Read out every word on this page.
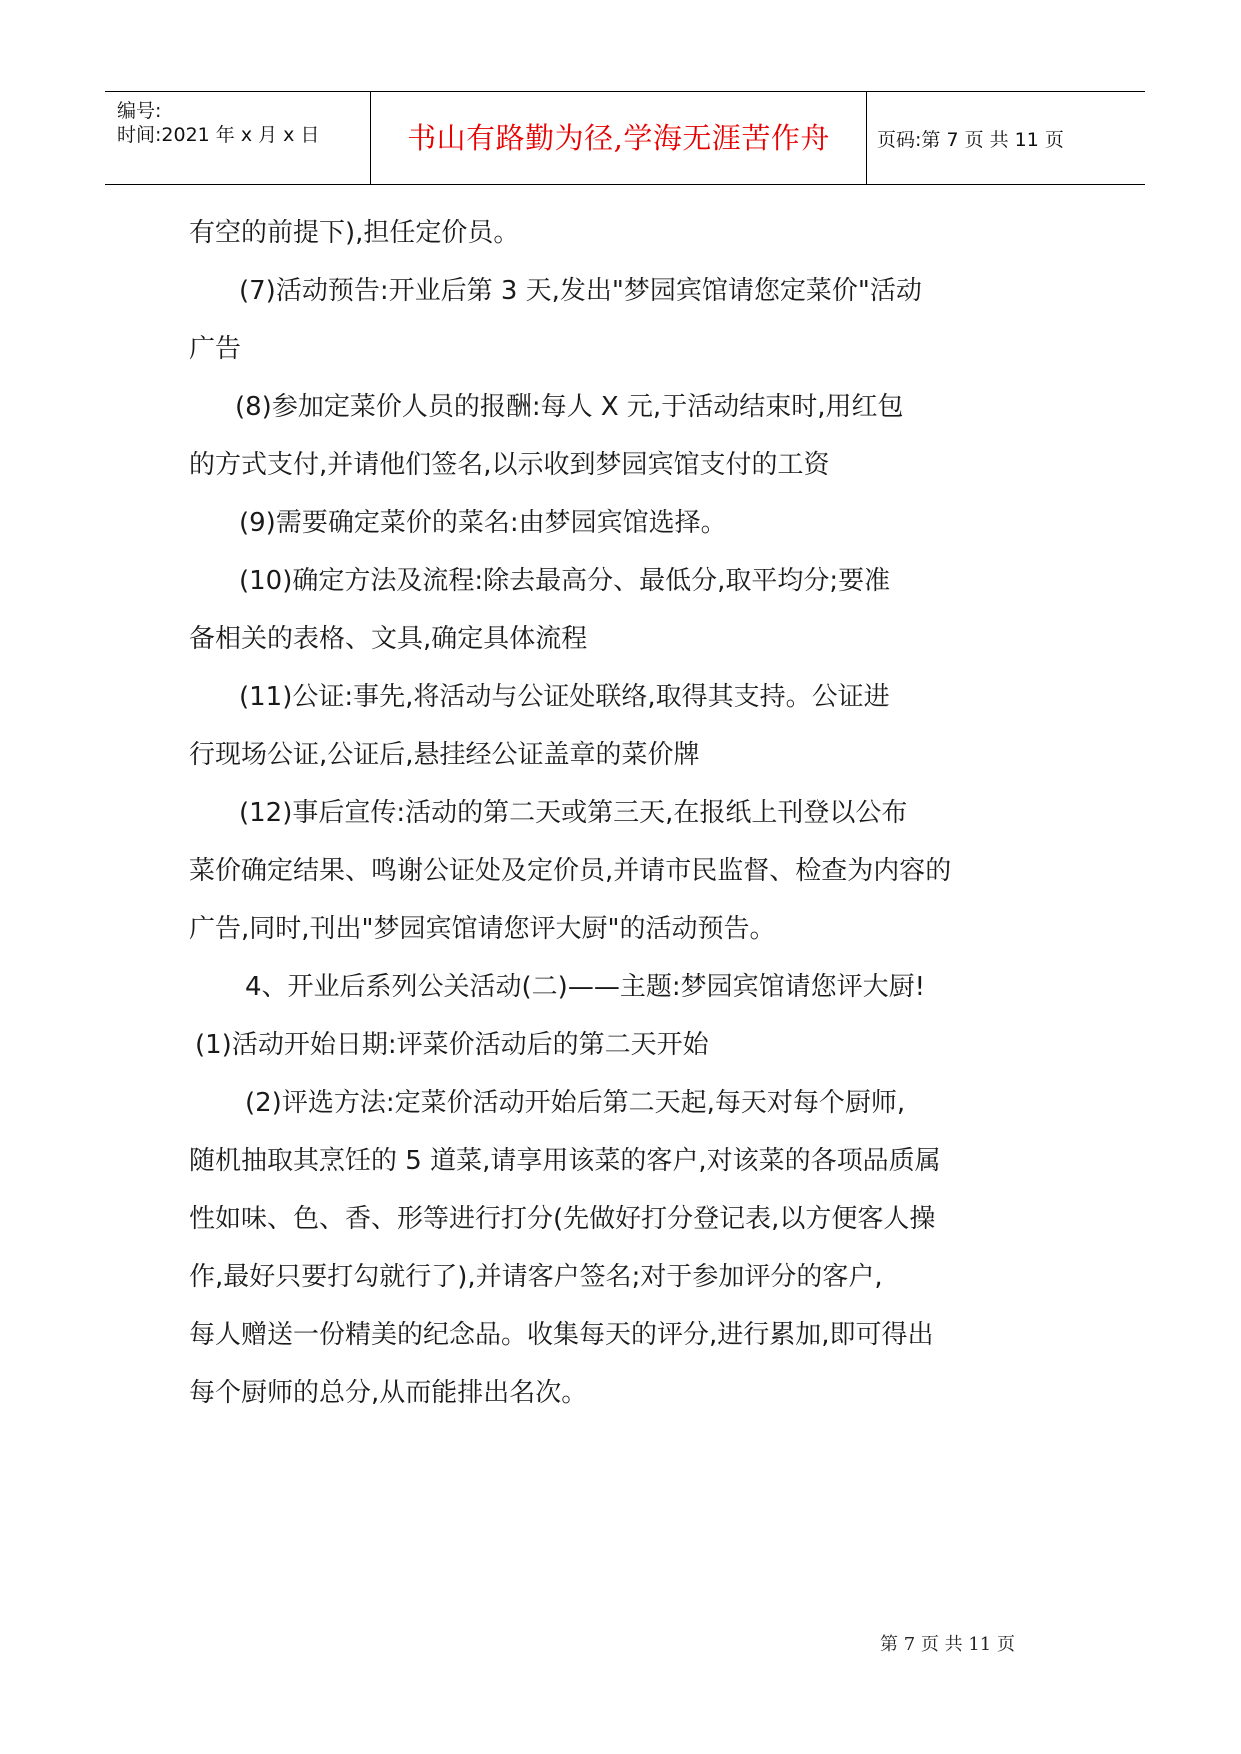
编号:
时间:2021 年 x 月 x 日	书山有路勤为径,学海无涯苦作舟	页码:第 7 页 共 11 页
有空的前提下),担任定价员。
(7)活动预告:开业后第 3 天,发出"梦园宾馆请您定菜价"活动
广告
(8)参加定菜价人员的报酬:每人 X 元,于活动结束时,用红包
的方式支付,并请他们签名,以示收到梦园宾馆支付的工资
(9)需要确定菜价的菜名:由梦园宾馆选择。
(10)确定方法及流程:除去最高分、最低分,取平均分;要准
备相关的表格、文具,确定具体流程
(11)公证:事先,将活动与公证处联络,取得其支持。公证进
行现场公证,公证后,悬挂经公证盖章的菜价牌
(12)事后宣传:活动的第二天或第三天,在报纸上刊登以公布
菜价确定结果、鸣谢公证处及定价员,并请市民监督、检查为内容的
广告,同时,刊出"梦园宾馆请您评大厨"的活动预告。
4、开业后系列公关活动(二)——主题:梦园宾馆请您评大厨!
(1)活动开始日期:评菜价活动后的第二天开始
(2)评选方法:定菜价活动开始后第二天起,每天对每个厨师,
随机抽取其烹饪的 5 道菜,请享用该菜的客户,对该菜的各项品质属
性如味、色、香、形等进行打分(先做好打分登记表,以方便客人操
作,最好只要打勾就行了),并请客户签名;对于参加评分的客户,
每人赠送一份精美的纪念品。收集每天的评分,进行累加,即可得出
每个厨师的总分,从而能排出名次。
第 7 页 共 11 页
